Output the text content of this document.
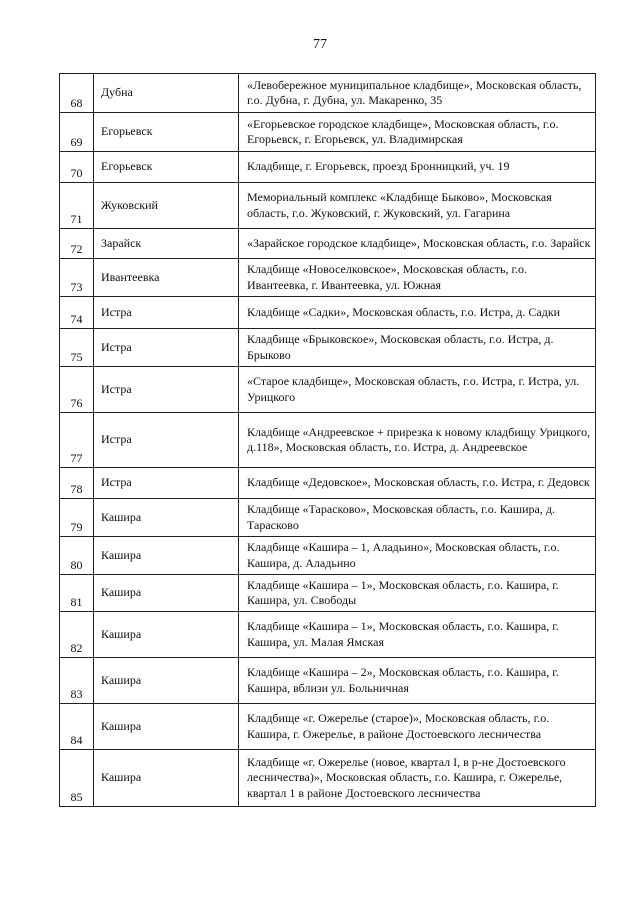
77
68	Дубна	«Левобережное муниципальное кладбище», Московская область, г.о. Дубна, г. Дубна, ул. Макаренко, 35
69	Егорьевск	«Егорьевское городское кладбище», Московская область, г.о. Егорьевск, г. Егорьевск, ул. Владимирская
70	Егорьевск	Кладбище, г. Егорьевск, проезд Бронницкий, уч. 19
71	Жуковский	Мемориальный комплекс «Кладбище Быково», Московская область, г.о. Жуковский, г. Жуковский, ул. Гагарина
72	Зарайск	«Зарайское городское кладбище», Московская область, г.о. Зарайск
73	Ивантеевка	Кладбище «Новоселковское», Московская область, г.о. Ивантеевка, г. Ивантеевка, ул. Южная
74	Истра	Кладбище «Садки», Московская область, г.о. Истра, д. Садки
75	Истра	Кладбище «Брыковское», Московская область, г.о. Истра, д. Брыково
76	Истра	«Старое кладбище», Московская область, г.о. Истра, г. Истра, ул. Урицкого
77	Истра	Кладбище «Андреевское + прирезка к новому кладбищу Урицкого, д.118», Московская область, г.о. Истра, д. Андреевское
78	Истра	Кладбище «Дедовское», Московская область, г.о. Истра, г. Дедовск
79	Кашира	Кладбище «Тарасково», Московская область, г.о. Кашира, д. Тарасково
80	Кашира	Кладбище «Кашира – 1, Аладьино», Московская область, г.о. Кашира, д. Аладьино
81	Кашира	Кладбище «Кашира – 1», Московская область, г.о. Кашира, г. Кашира, ул. Свободы
82	Кашира	Кладбище «Кашира – 1», Московская область, г.о. Кашира, г. Кашира, ул. Малая Ямская
83	Кашира	Кладбище «Кашира – 2», Московская область, г.о. Кашира, г. Кашира, вблизи ул. Больничная
84	Кашира	Кладбище «г. Ожерелье (старое)», Московская область, г.о. Кашира, г. Ожерелье, в районе Достоевского лесничества
85	Кашира	Кладбище «г. Ожерелье (новое, квартал I, в р-не Достоевского лесничества)», Московская область, г.о. Кашира, г. Ожерелье, квартал 1 в районе Достоевского лесничества
